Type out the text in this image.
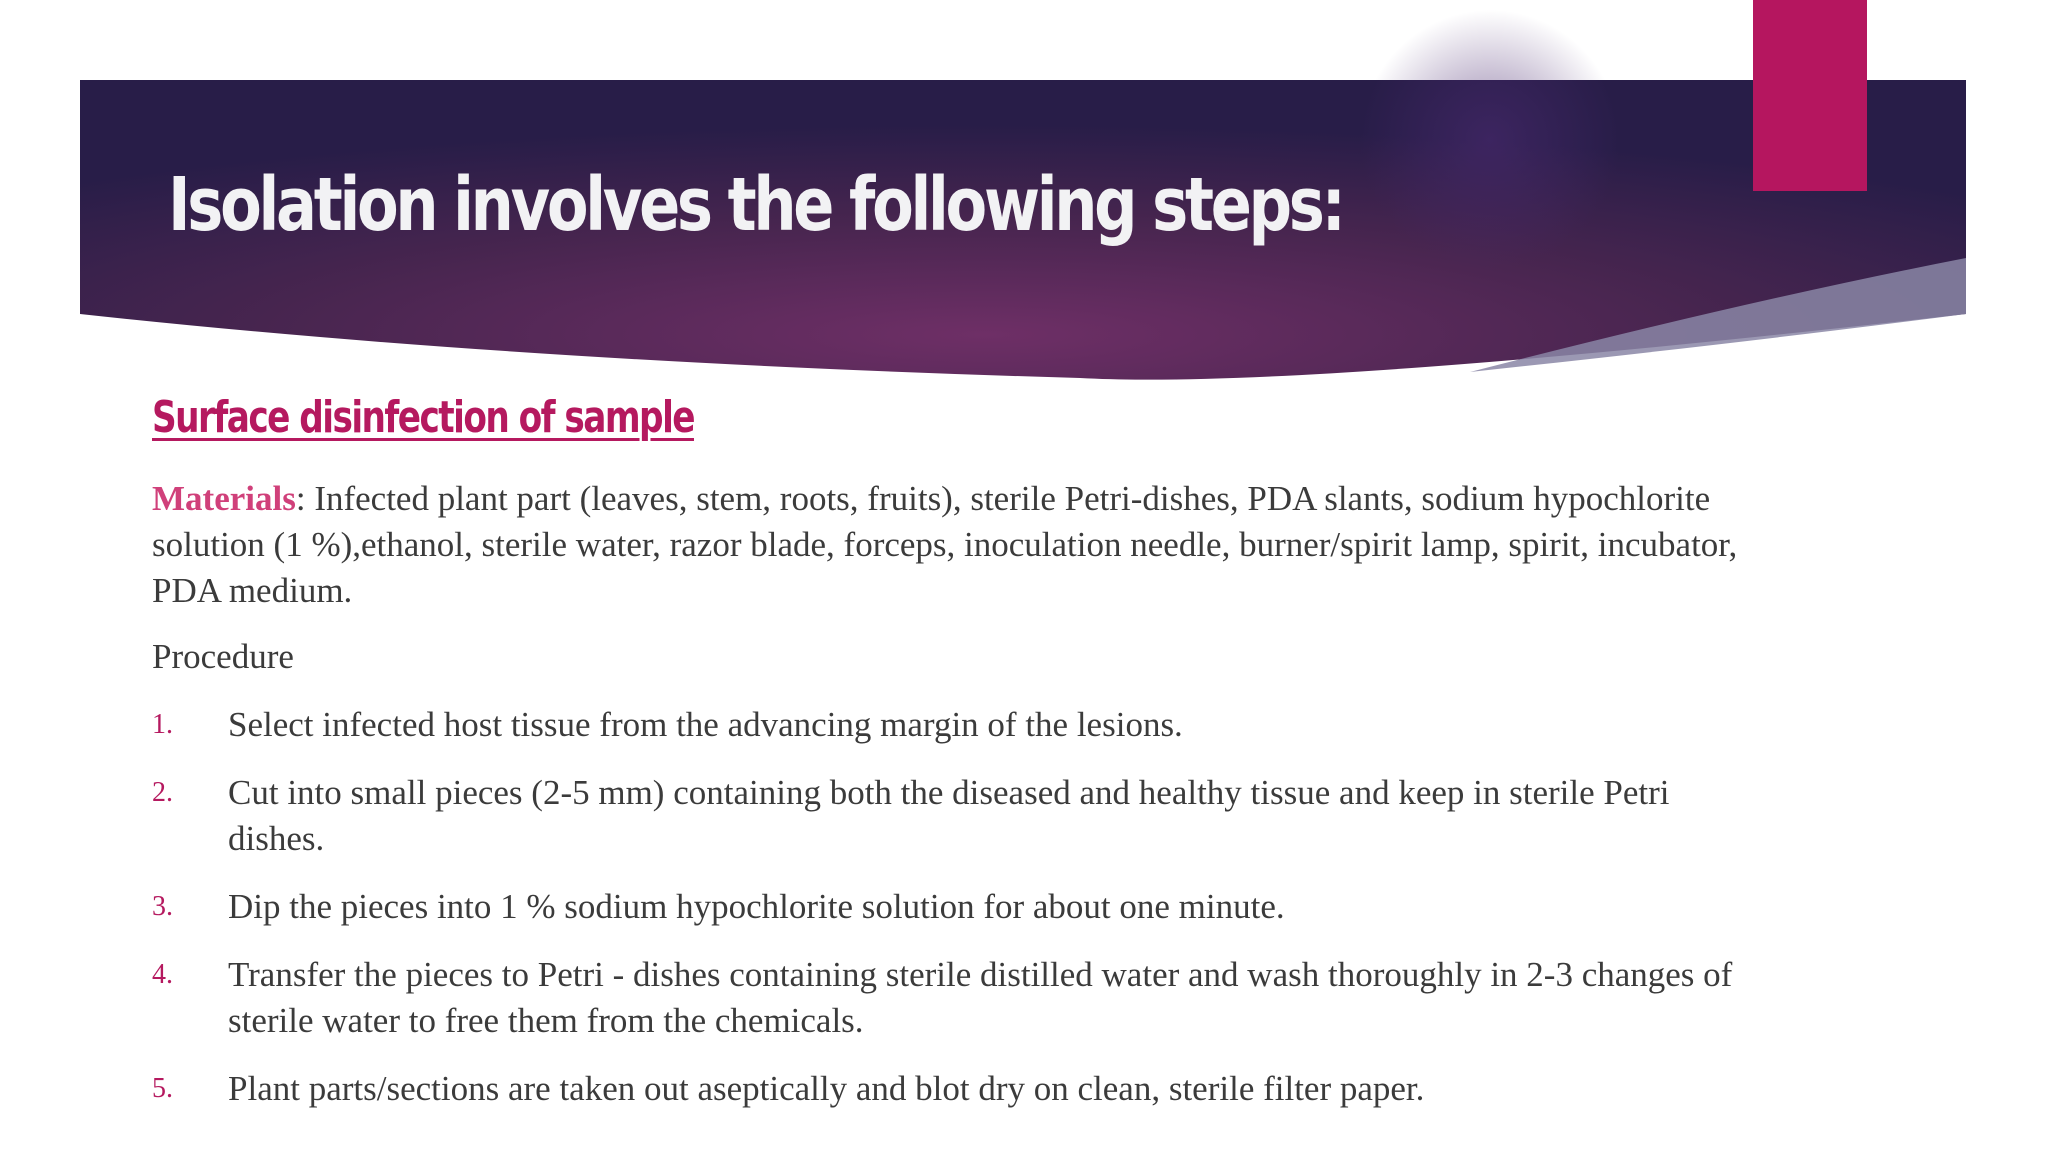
Isolation involves the following steps:
Surface disinfection of sample

Materials: Infected plant part (leaves, stem, roots, fruits), sterile Petri-dishes, PDA slants, sodium hypochlorite solution (1 %),ethanol, sterile water, razor blade, forceps, inoculation needle, burner/spirit lamp, spirit, incubator, PDA medium.

Procedure

1. Select infected host tissue from the advancing margin of the lesions.
2. Cut into small pieces (2-5 mm) containing both the diseased and healthy tissue and keep in sterile Petri dishes.
3. Dip the pieces into 1 % sodium hypochlorite solution for about one minute.
4. Transfer the pieces to Petri - dishes containing sterile distilled water and wash thoroughly in 2-3 changes of sterile water to free them from the chemicals.
5. Plant parts/sections are taken out aseptically and blot dry on clean, sterile filter paper.
